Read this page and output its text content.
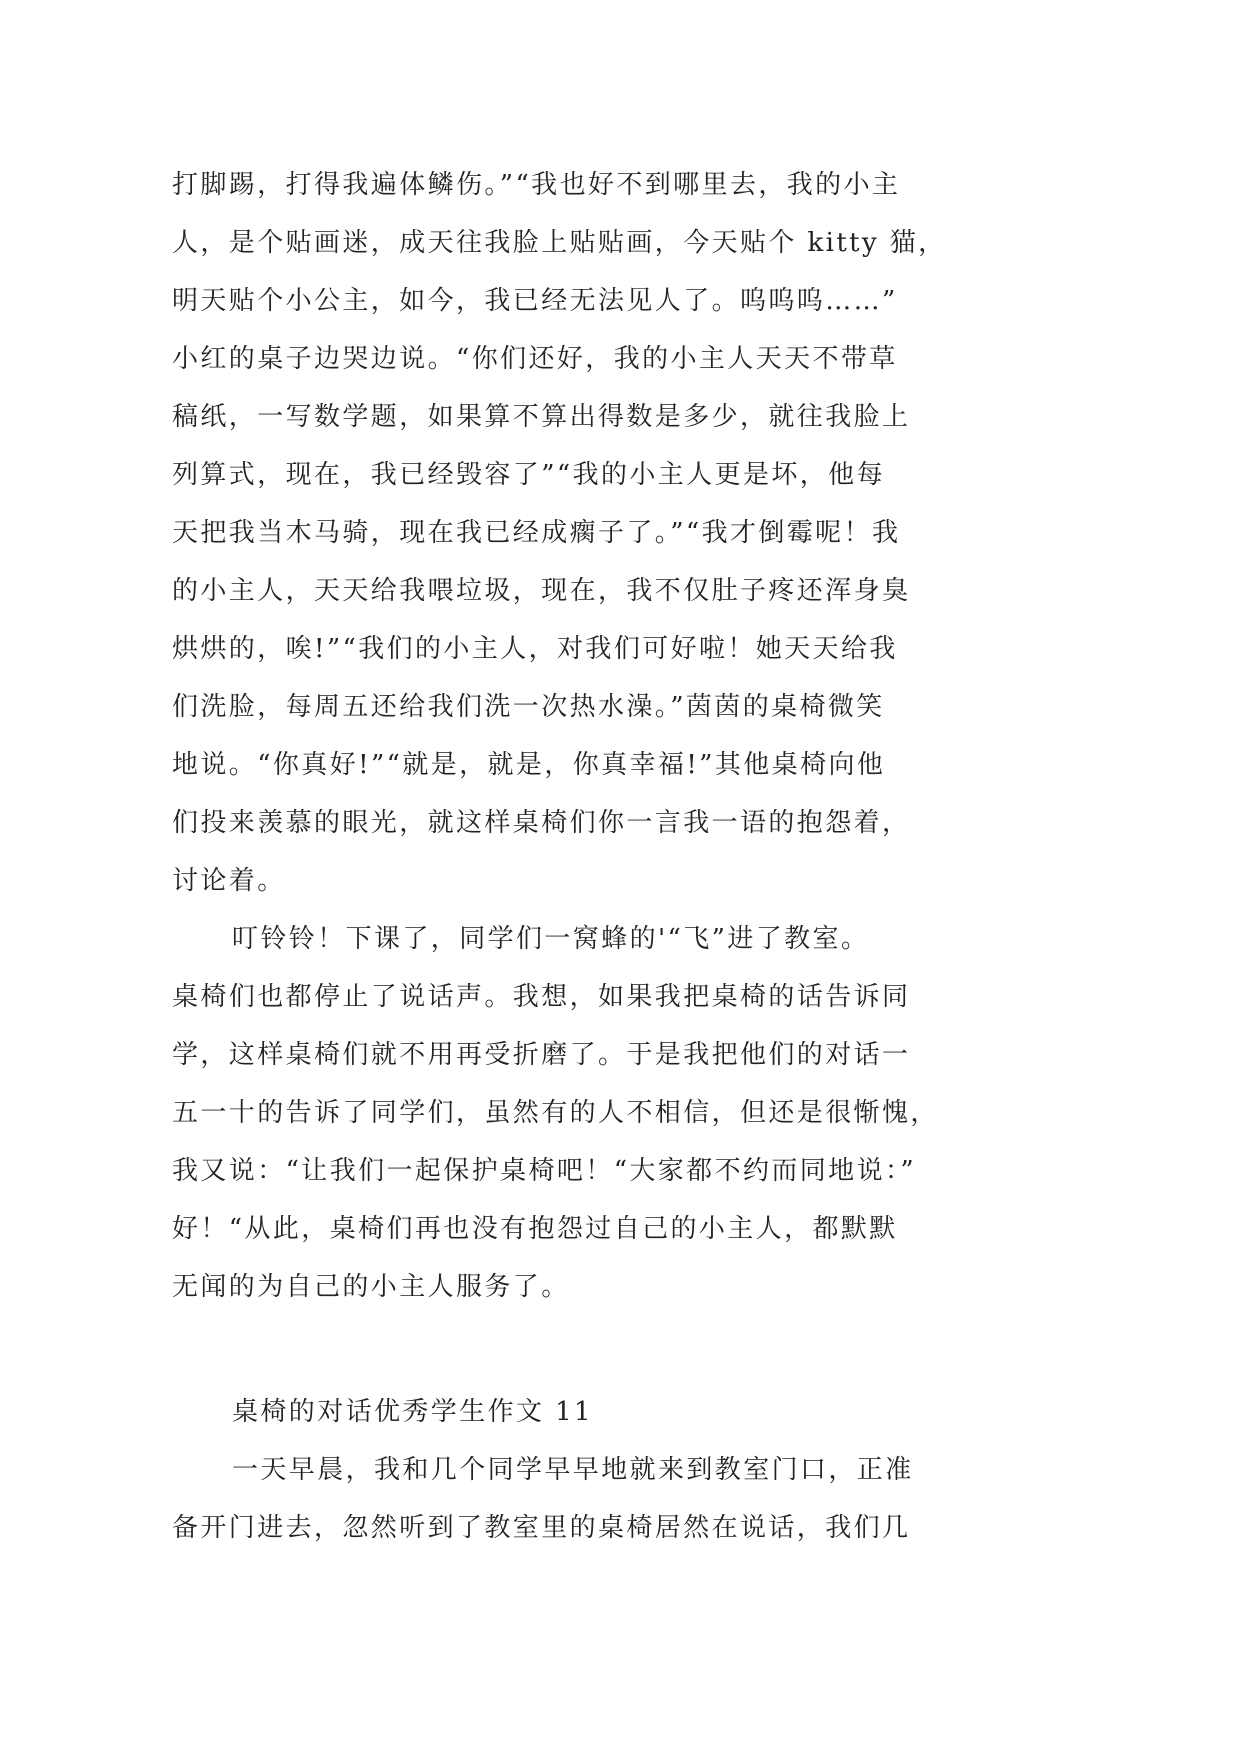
打脚踢，打得我遍体鳞伤。”“我也好不到哪里去，我的小主
人，是个贴画迷，成天往我脸上贴贴画，今天贴个 kitty 猫，
明天贴个小公主，如今，我已经无法见人了。呜呜呜……”
小红的桌子边哭边说。“你们还好，我的小主人天天不带草
稿纸，一写数学题，如果算不算出得数是多少，就往我脸上
列算式，现在，我已经毁容了”“我的小主人更是坏，他每
天把我当木马骑，现在我已经成瘸子了。”“我才倒霉呢！我
的小主人，天天给我喂垃圾，现在，我不仅肚子疼还浑身臭
烘烘的，唉!”“我们的小主人，对我们可好啦！她天天给我
们洗脸，每周五还给我们洗一次热水澡。”茵茵的桌椅微笑
地说。“你真好!”“就是，就是，你真幸福!”其他桌椅向他
们投来羡慕的眼光，就这样桌椅们你一言我一语的抱怨着，
讨论着。
叮铃铃！下课了，同学们一窝蜂的'“飞”进了教室。
桌椅们也都停止了说话声。我想，如果我把桌椅的话告诉同
学，这样桌椅们就不用再受折磨了。于是我把他们的对话一
五一十的告诉了同学们，虽然有的人不相信，但还是很惭愧，
我又说：“让我们一起保护桌椅吧！“大家都不约而同地说：”
好！“从此，桌椅们再也没有抱怨过自己的小主人，都默默
无闻的为自己的小主人服务了。
桌椅的对话优秀学生作文 11
一天早晨，我和几个同学早早地就来到教室门口，正准
备开门进去，忽然听到了教室里的桌椅居然在说话，我们几
